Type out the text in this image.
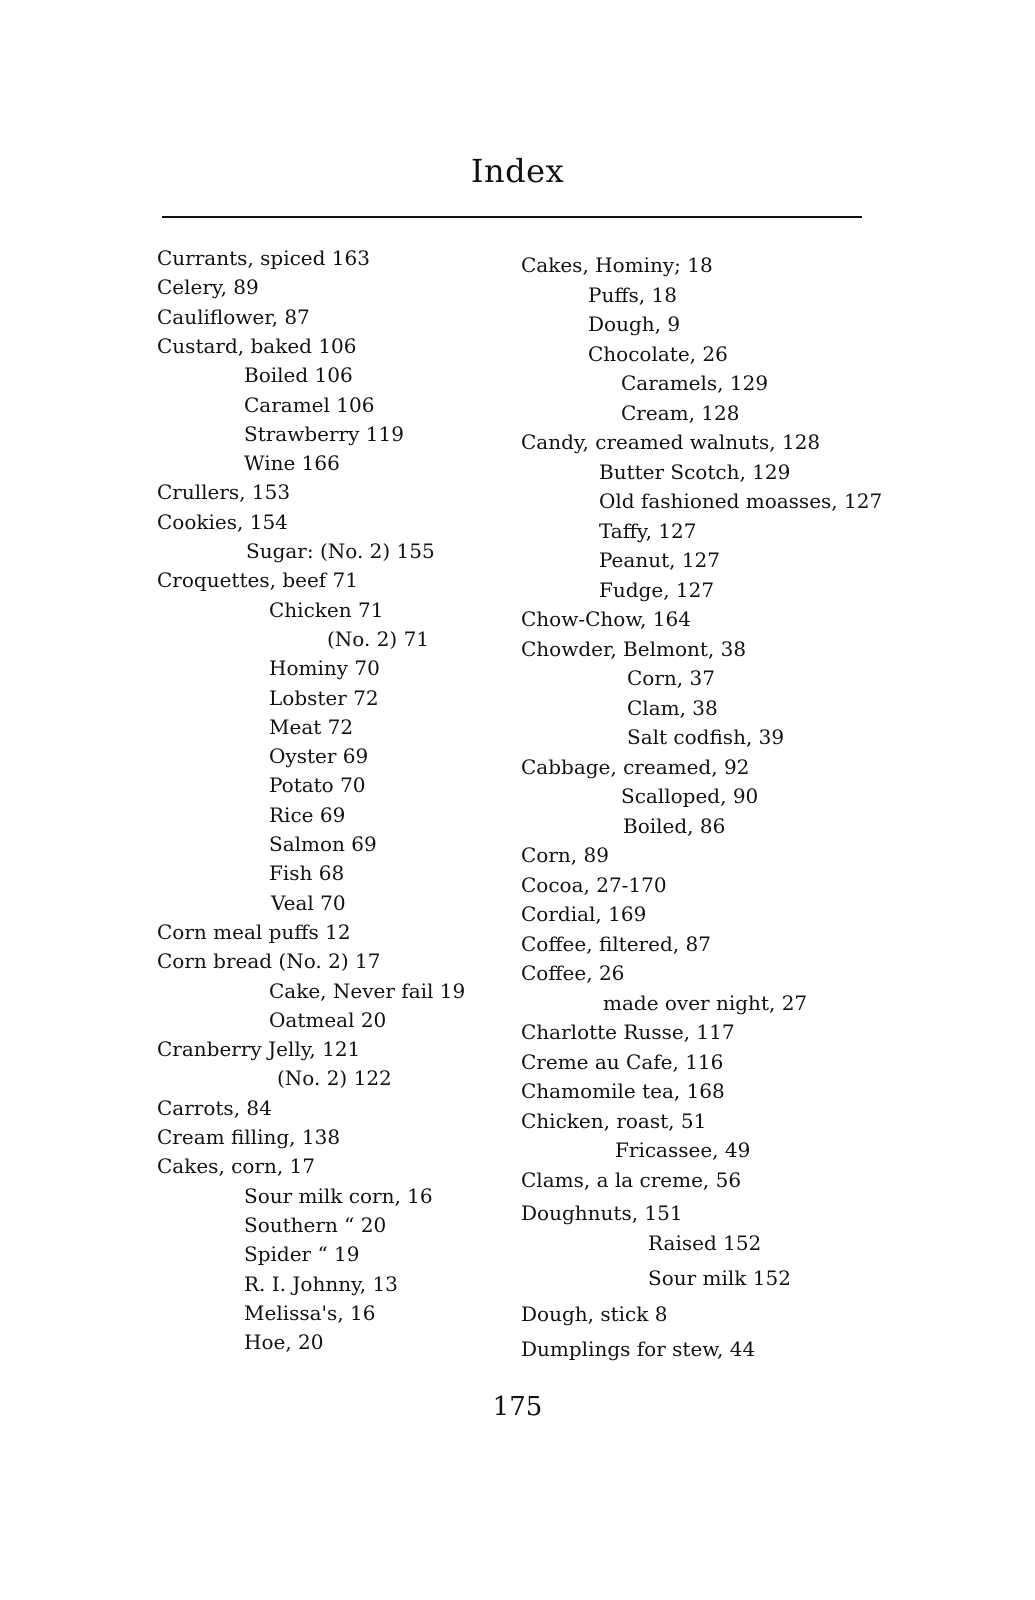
Index
Currants, spiced 163
Celery, 89
Cauliflower, 87
Custard, baked 106
Boiled 106
Caramel 106
Strawberry 119
Wine 166
Crullers, 153
Cookies, 154
Sugar: (No. 2) 155
Croquettes, beef 71
Chicken 71
(No. 2) 71
Hominy 70
Lobster 72
Meat 72
Oyster 69
Potato 70
Rice 69
Salmon 69
Fish 68
Veal 70
Corn meal puffs 12
Corn bread (No. 2) 17
Cake, Never fail 19
Oatmeal 20
Cranberry Jelly, 121
(No. 2) 122
Carrots, 84
Cream filling, 138
Cakes, corn, 17
Sour milk corn, 16
Southern “ 20
Spider “ 19
R. I. Johnny, 13
Melissa's, 16
Hoe, 20
Cakes, Hominy; 18
Puffs, 18
Dough, 9
Chocolate, 26
Caramels, 129
Cream, 128
Candy, creamed walnuts, 128
Butter Scotch, 129
Old fashioned moasses, 127
Taffy, 127
Peanut, 127
Fudge, 127
Chow-Chow, 164
Chowder, Belmont, 38
Corn, 37
Clam, 38
Salt codfish, 39
Cabbage, creamed, 92
Scalloped, 90
Boiled, 86
Corn, 89
Cocoa, 27-170
Cordial, 169
Coffee, filtered, 87
Coffee, 26
made over night, 27
Charlotte Russe, 117
Creme au Cafe, 116
Chamomile tea, 168
Chicken, roast, 51
Fricassee, 49
Clams, a la creme, 56
Doughnuts, 151
Raised 152
Sour milk 152
Dough, stick 8
Dumplings for stew, 44
175
